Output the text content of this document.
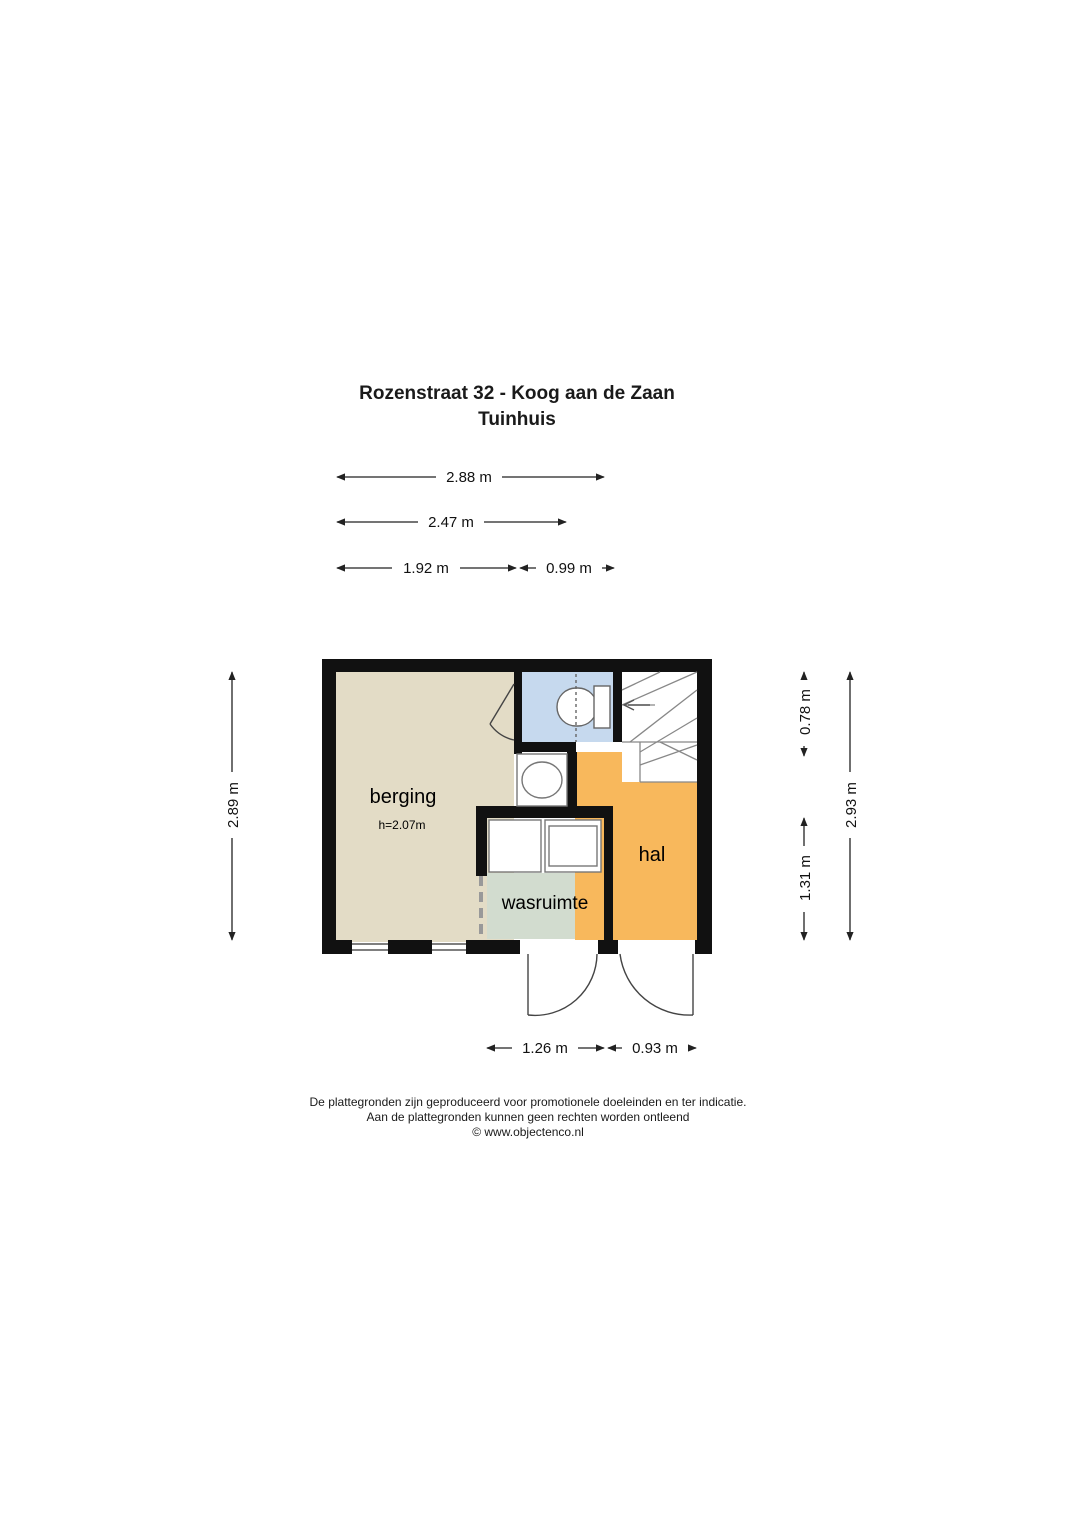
Rozenstraat 32 - Koog aan de Zaan
Tuinhuis
berging
h=2.07m
wasruimte
hal
2.88 m
2.47 m
1.92 m	0.99 m
1.26 m	0.93 m
2.89 m
0.78 m
1.31 m
2.93 m
De plattegronden zijn geproduceerd voor promotionele doeleinden en ter indicatie.
Aan de plattegronden kunnen geen rechten worden ontleend
© www.objectenco.nl
